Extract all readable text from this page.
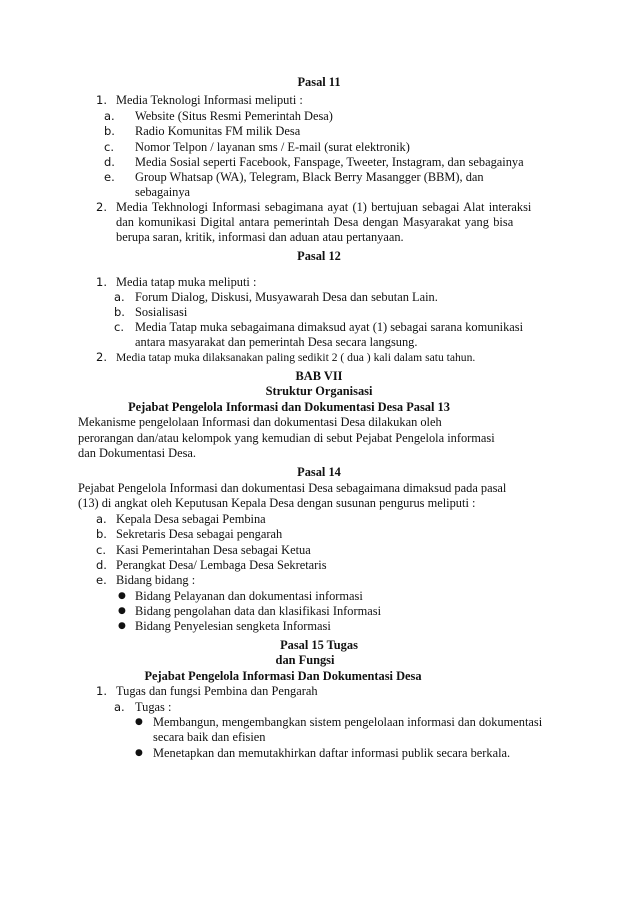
Pasal 11
1. Media Teknologi Informasi meliputi :
a. Website (Situs Resmi Pemerintah Desa)
b. Radio Komunitas FM milik Desa
c. Nomor Telpon / layanan sms / E-mail (surat elektronik)
d. Media Sosial seperti Facebook, Fanspage, Tweeter, Instagram, dan sebagainya
e. Group Whatsap (WA), Telegram, Black Berry Masangger (BBM), dan
sebagainya
2. Media Tekhnologi Informasi sebagimana ayat (1) bertujuan sebagai Alat interaksi
dan komunikasi Digital antara pemerintah Desa dengan Masyarakat yang bisa
berupa saran, kritik, informasi dan aduan atau pertanyaan.
Pasal 12
1. Media tatap muka meliputi :
a. Forum Dialog, Diskusi, Musyawarah Desa dan sebutan Lain.
b. Sosialisasi
c. Media Tatap muka sebagaimana dimaksud ayat (1) sebagai sarana komunikasi
antara masyarakat dan pemerintah Desa secara langsung.
2. Media tatap muka dilaksanakan paling sedikit 2 ( dua ) kali dalam satu tahun.
BAB VII
Struktur Organisasi
Pejabat Pengelola Informasi dan Dokumentasi Desa Pasal 13
Mekanisme pengelolaan Informasi dan dokumentasi Desa dilakukan oleh
perorangan dan/atau kelompok yang kemudian di sebut Pejabat Pengelola informasi
dan Dokumentasi Desa.
Pasal 14
Pejabat Pengelola Informasi dan dokumentasi Desa sebagaimana dimaksud pada pasal
(13) di angkat oleh Keputusan Kepala Desa dengan susunan pengurus meliputi :
a. Kepala Desa sebagai Pembina
b. Sekretaris Desa sebagai pengarah
c. Kasi Pemerintahan Desa sebagai Ketua
d. Perangkat Desa/ Lembaga Desa Sekretaris
e. Bidang bidang :
● Bidang Pelayanan dan dokumentasi informasi
● Bidang pengolahan data dan klasifikasi Informasi
● Bidang Penyelesian sengketa Informasi
Pasal 15 Tugas
dan Fungsi
Pejabat Pengelola Informasi Dan Dokumentasi Desa
1. Tugas dan fungsi Pembina dan Pengarah
a. Tugas :
● Membangun, mengembangkan sistem pengelolaan informasi dan dokumentasi
secara baik dan efisien
● Menetapkan dan memutakhirkan daftar informasi publik secara berkala.
